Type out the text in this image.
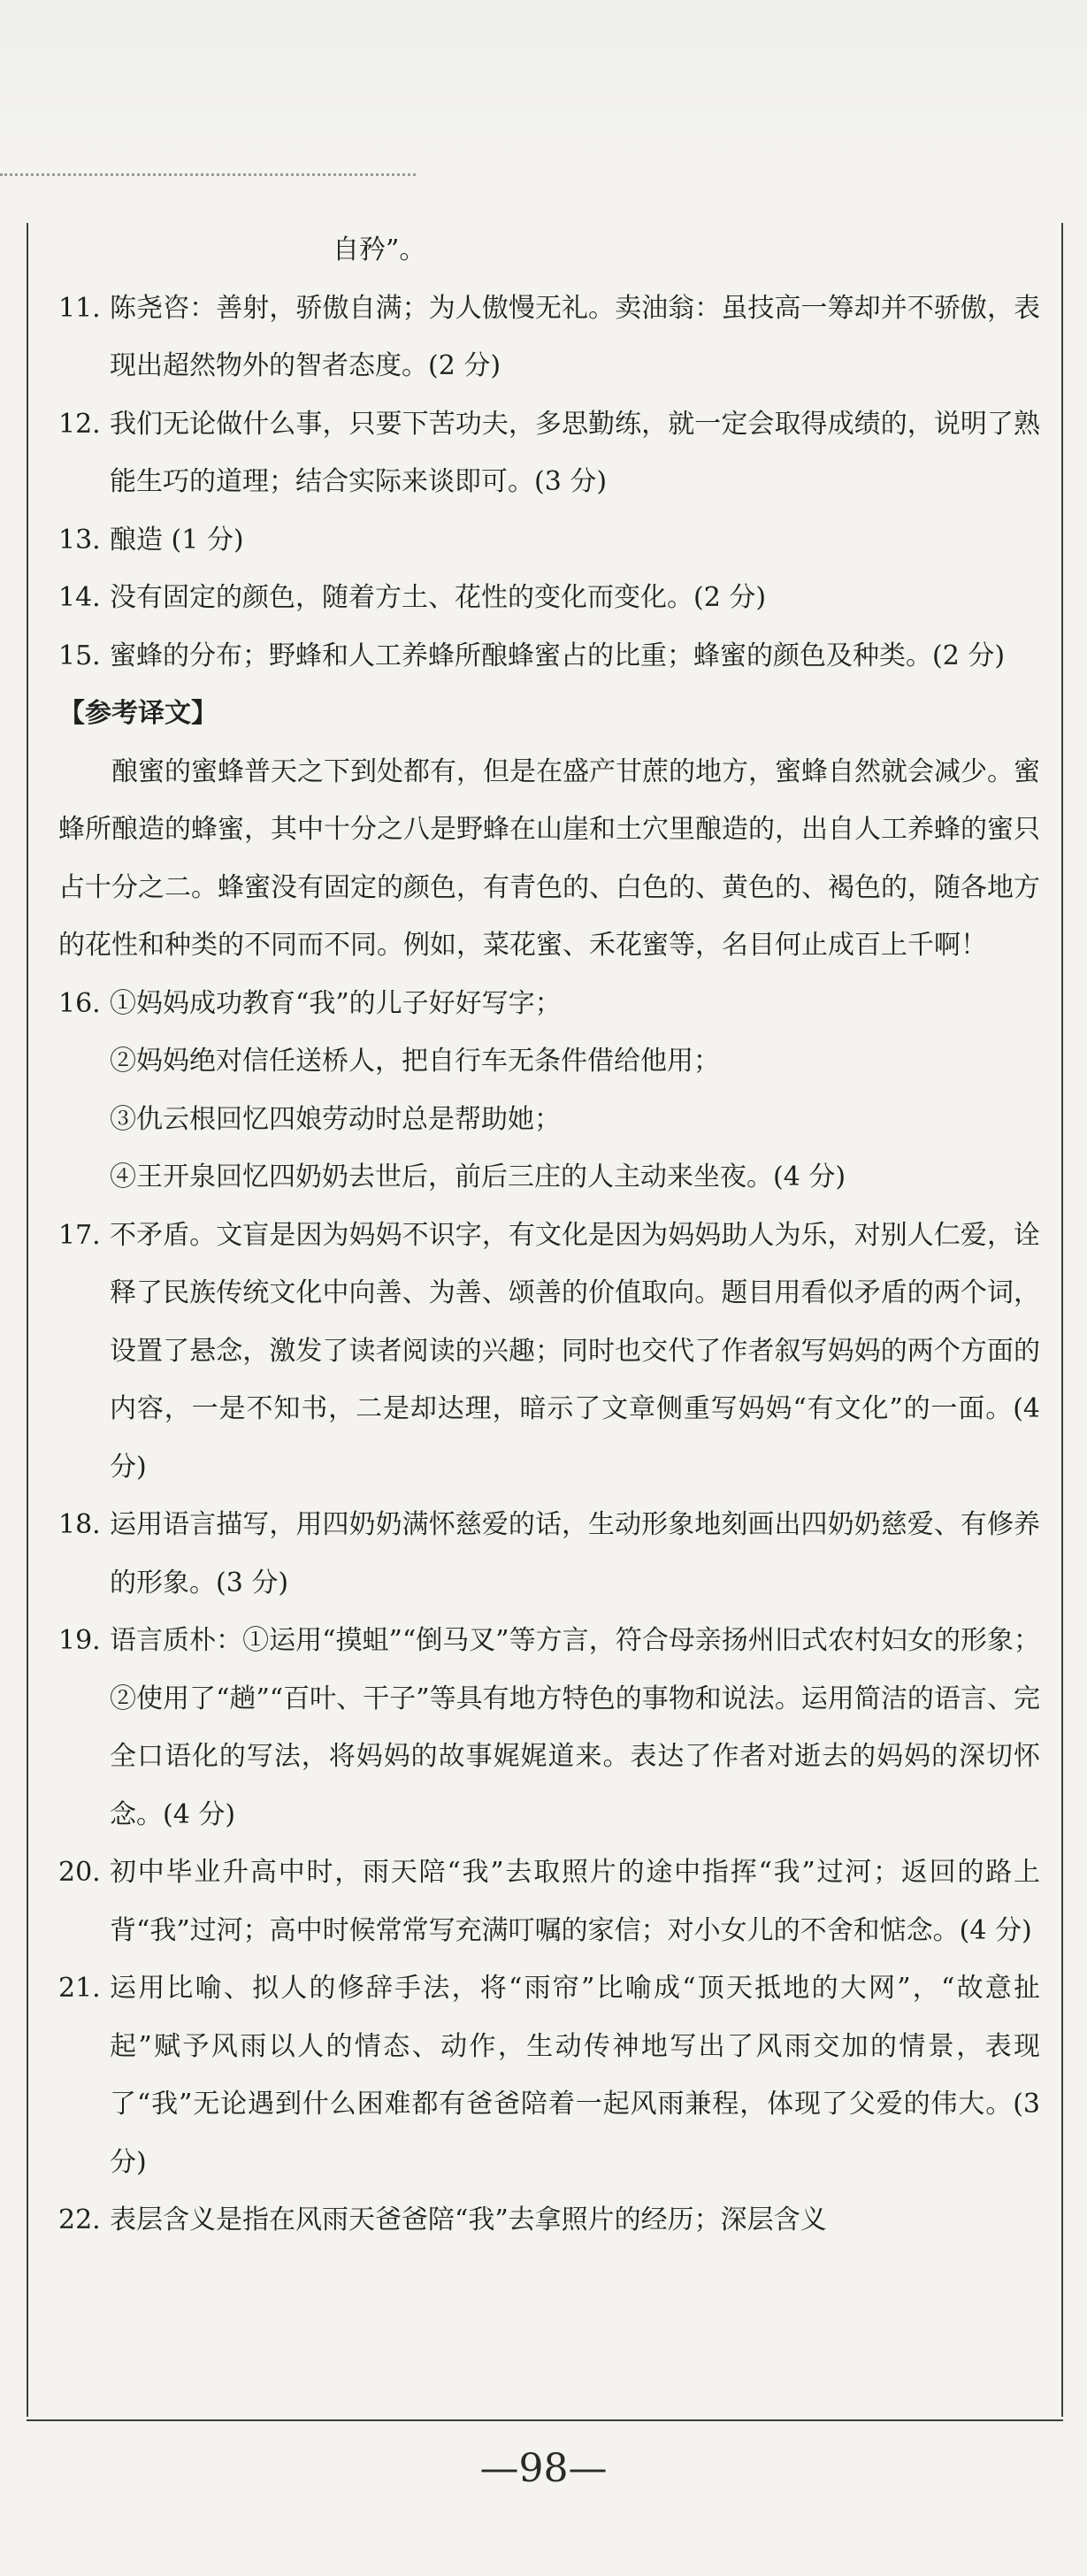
自矜”。
11. 陈尧咨：善射，骄傲自满；为人傲慢无礼。卖油翁：虽技高一筹却并不骄傲，表现出超然物外的智者态度。(2 分)
12. 我们无论做什么事，只要下苦功夫，多思勤练，就一定会取得成绩的，说明了熟能生巧的道理；结合实际来谈即可。(3 分)
13. 酿造 (1 分)
14. 没有固定的颜色，随着方土、花性的变化而变化。(2 分)
15. 蜜蜂的分布；野蜂和人工养蜂所酿蜂蜜占的比重；蜂蜜的颜色及种类。(2 分)
【参考译文】

酿蜜的蜜蜂普天之下到处都有，但是在盛产甘蔗的地方，蜜蜂自然就会减少。蜜蜂所酿造的蜂蜜，其中十分之八是野蜂在山崖和土穴里酿造的，出自人工养蜂的蜜只占十分之二。蜂蜜没有固定的颜色，有青色的、白色的、黄色的、褐色的，随各地方的花性和种类的不同而不同。例如，菜花蜜、禾花蜜等，名目何止成百上千啊！

16. ①妈妈成功教育“我”的儿子好好写字；
②妈妈绝对信任送桥人，把自行车无条件借给他用；
③仇云根回忆四娘劳动时总是帮助她；
④王开泉回忆四奶奶去世后，前后三庄的人主动来坐夜。(4 分)
17. 不矛盾。文盲是因为妈妈不识字，有文化是因为妈妈助人为乐，对别人仁爱，诠释了民族传统文化中向善、为善、颂善的价值取向。题目用看似矛盾的两个词，设置了悬念，激发了读者阅读的兴趣；同时也交代了作者叙写妈妈的两个方面的内容，一是不知书，二是却达理，暗示了文章侧重写妈妈“有文化”的一面。(4 分)
18. 运用语言描写，用四奶奶满怀慈爱的话，生动形象地刻画出四奶奶慈爱、有修养的形象。(3 分)
19. 语言质朴：①运用“摸蛆”“倒马叉”等方言，符合母亲扬州旧式农村妇女的形象；②使用了“趟”“百叶、干子”等具有地方特色的事物和说法。运用简洁的语言、完全口语化的写法，将妈妈的故事娓娓道来。表达了作者对逝去的妈妈的深切怀念。(4 分)
20. 初中毕业升高中时，雨天陪“我”去取照片的途中指挥“我”过河；返回的路上背“我”过河；高中时候常常写充满叮嘱的家信；对小女儿的不舍和惦念。(4 分)
21. 运用比喻、拟人的修辞手法，将“雨帘”比喻成“顶天抵地的大网”，“故意扯起”赋予风雨以人的情态、动作，生动传神地写出了风雨交加的情景，表现了“我”无论遇到什么困难都有爸爸陪着一起风雨兼程，体现了父爱的伟大。(3 分)
22. 表层含义是指在风雨天爸爸陪“我”去拿照片的经历；深层含义
—98—
